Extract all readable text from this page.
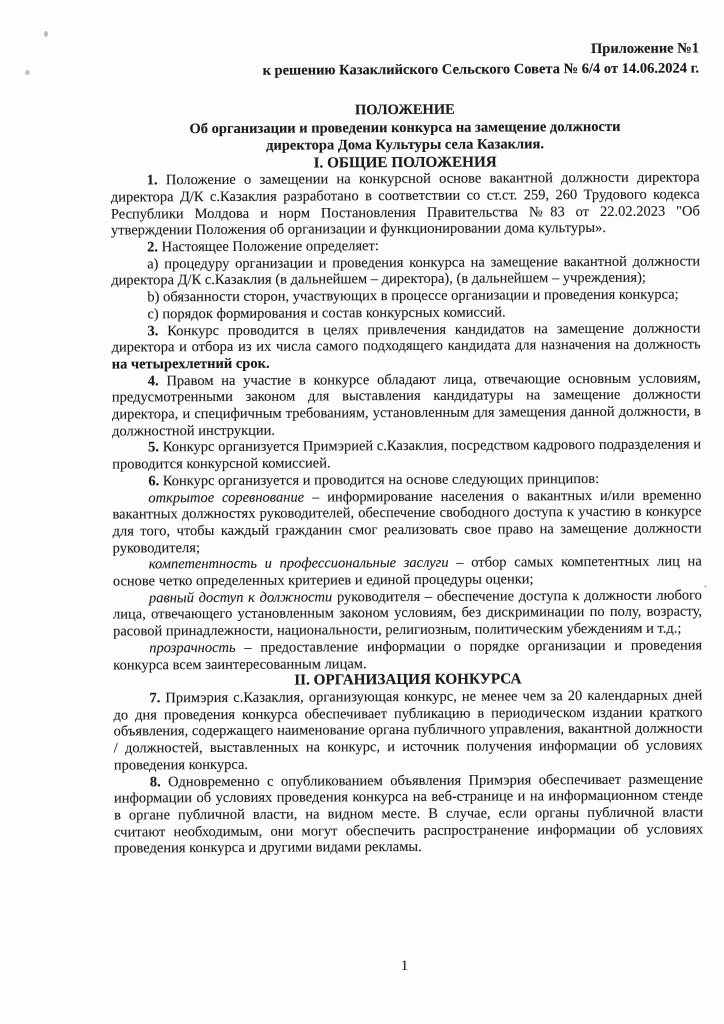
Приложение №1

к решению Казаклийского Сельского Совета № 6/4 от 14.06.2024 г.

ПОЛОЖЕНИЕ

Об организации и проведении конкурса на замещение должности

директора Дома Культуры села Казаклия.

I. ОБЩИЕ ПОЛОЖЕНИЯ

1. Положение о замещении на конкурсной основе вакантной должности директора директора Д/К с.Казаклия разработано в соответствии со ст.ст. 259, 260 Трудового кодекса Республики Молдова и норм Постановления Правительства №83 от 22.02.2023 "Об утверждении Положения об организации и функционировании дома культуры».

2. Настоящее Положение определяет:

a) процедуру организации и проведения конкурса на замещение вакантной должности директора Д/К с.Казаклия (в дальнейшем – директора), (в дальнейшем – учреждения);

b) обязанности сторон, участвующих в процессе организации и проведения конкурса;

c) порядок формирования и состав конкурсных комиссий.

3. Конкурс проводится в целях привлечения кандидатов на замещение должности директора и отбора из их числа самого подходящего кандидата для назначения на должность на четырехлетний срок.

4. Правом на участие в конкурсе обладают лица, отвечающие основным условиям, предусмотренными законом для выставления кандидатуры на замещение должности директора, и специфичным требованиям, установленным для замещения данной должности, в должностной инструкции.

5. Конкурс организуется Примэрией с.Казаклия, посредством кадрового подразделения и проводится конкурсной комиссией.

6. Конкурс организуется и проводится на основе следующих принципов:

открытое соревнование – информирование населения о вакантных и/или временно вакантных должностях руководителей, обеспечение свободного доступа к участию в конкурсе для того, чтобы каждый гражданин смог реализовать свое право на замещение должности руководителя;

компетентность и профессиональные заслуги – отбор самых компетентных лиц на основе четко определенных критериев и единой процедуры оценки;

равный доступ к должности руководителя – обеспечение доступа к должности любого лица, отвечающего установленным законом условиям, без дискриминации по полу, возрасту, расовой принадлежности, национальности, религиозным, политическим убеждениям и т.д.;

прозрачность – предоставление информации о порядке организации и проведения конкурса всем заинтересованным лицам.

II. ОРГАНИЗАЦИЯ КОНКУРСА

7. Примэрия с.Казаклия, организующая конкурс, не менее чем за 20 календарных дней до дня проведения конкурса обеспечивает публикацию в периодическом издании краткого объявления, содержащего наименование органа публичного управления, вакантной должности / должностей, выставленных на конкурс, и источник получения информации об условиях проведения конкурса.

8. Одновременно с опубликованием объявления Примэрия обеспечивает размещение информации об условиях проведения конкурса на веб-странице и на информационном стенде в органе публичной власти, на видном месте. В случае, если органы публичной власти считают необходимым, они могут обеспечить распространение информации об условиях проведения конкурса и другими видами рекламы.

1
